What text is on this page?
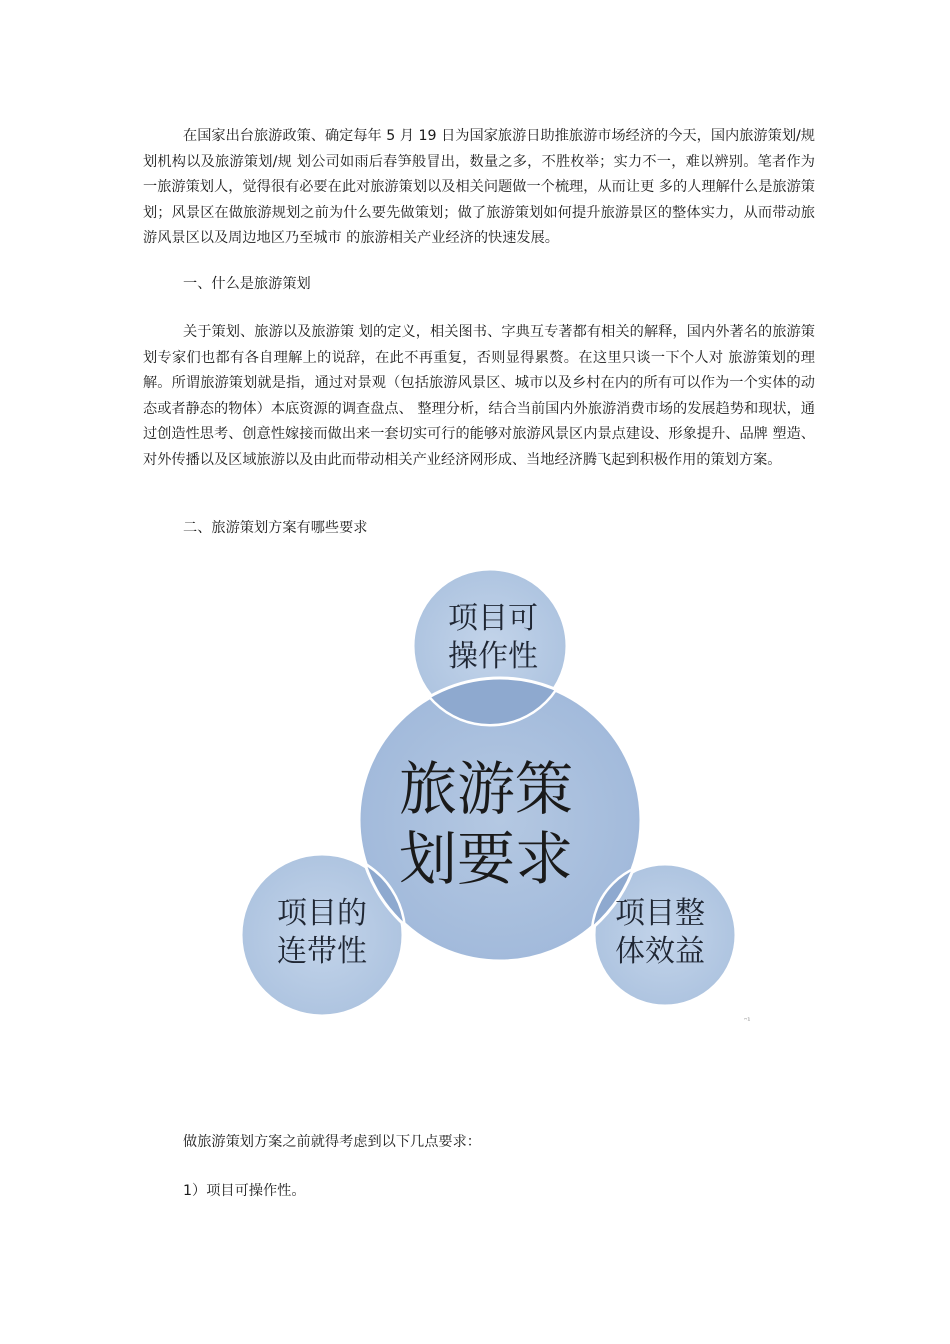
在国家出台旅游政策、确定每年 5 月 19 日为国家旅游日助推旅游市场经济的今天，国内旅游策划/规划机构以及旅游策划/规 划公司如雨后春笋般冒出，数量之多，不胜枚举；实力不一，难以辨别。笔者作为一旅游策划人，觉得很有必要在此对旅游策划以及相关问题做一个梳理，从而让更 多的人理解什么是旅游策划；风景区在做旅游规划之前为什么要先做策划；做了旅游策划如何提升旅游景区的整体实力，从而带动旅游风景区以及周边地区乃至城市 的旅游相关产业经济的快速发展。

一、什么是旅游策划

关于策划、旅游以及旅游策 划的定义，相关图书、字典互专著都有相关的解释，国内外著名的旅游策划专家们也都有各自理解上的说辞，在此不再重复，否则显得累赘。在这里只谈一下个人对 旅游策划的理解。所谓旅游策划就是指，通过对景观（包括旅游风景区、城市以及乡村在内的所有可以作为一个实体的动态或者静态的物体）本底资源的调查盘点、 整理分析，结合当前国内外旅游消费市场的发展趋势和现状，通过创造性思考、创意性嫁接而做出来一套切实可行的能够对旅游风景区内景点建设、形象提升、品牌 塑造、对外传播以及区域旅游以及由此而带动相关产业经济网形成、当地经济腾飞起到积极作用的策划方案。

二、旅游策划方案有哪些要求

项目可
操作性
旅游策
划要求
项目的
连带性
项目整
体效益
ᵔ¹

做旅游策划方案之前就得考虑到以下几点要求：

1）项目可操作性。
